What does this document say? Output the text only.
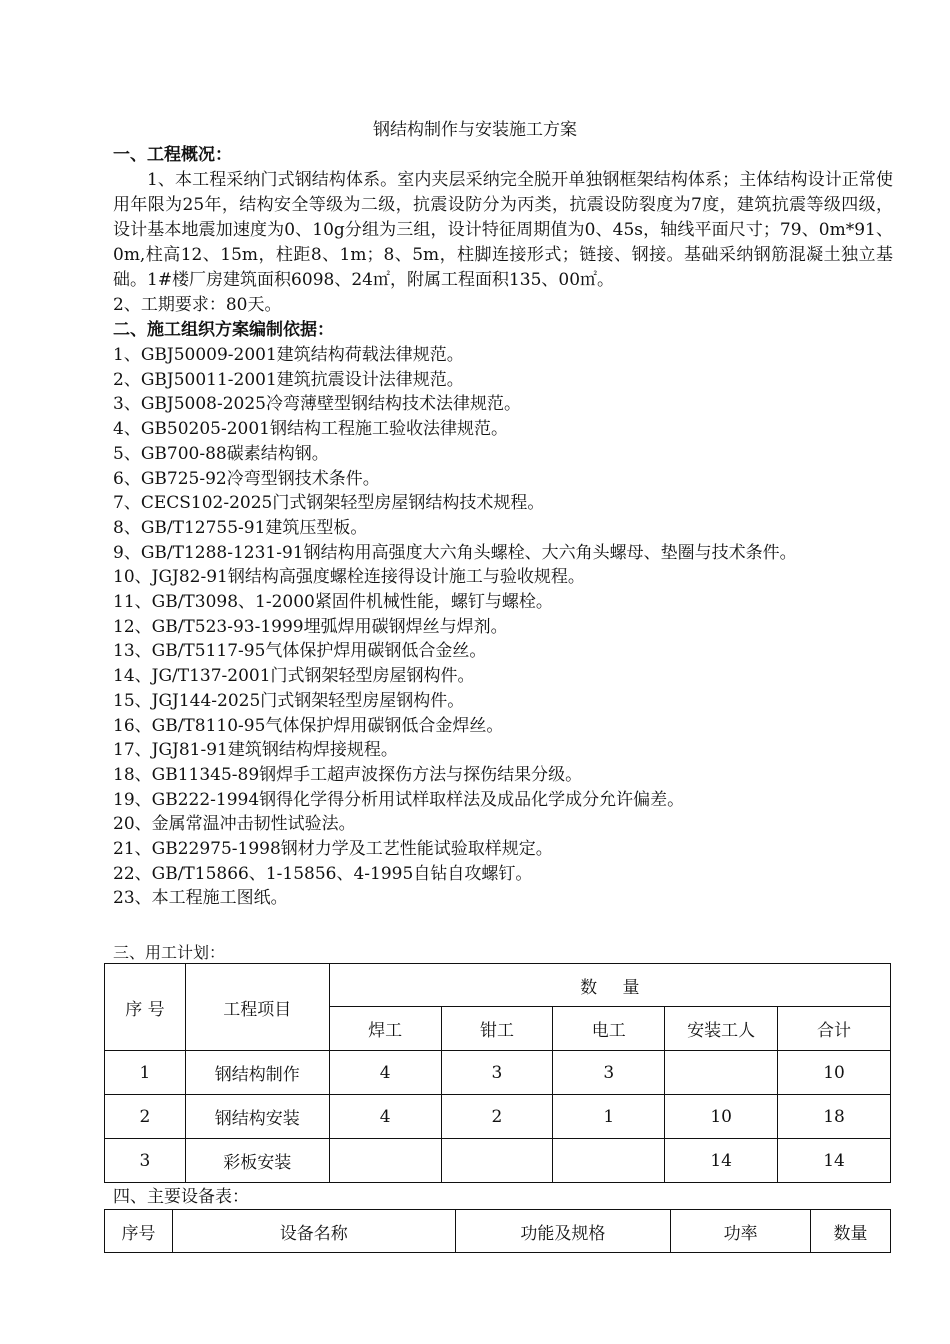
钢结构制作与安装施工方案
一、工程概况：
1、本工程采纳门式钢结构体系。室内夹层采纳完全脱开单独钢框架结构体系；主体结构设计正常使用年限为25年，结构安全等级为二级，抗震设防分为丙类，抗震设防裂度为7度，建筑抗震等级四级，设计基本地震加速度为0、10g分组为三组，设计特征周期值为0、45s，轴线平面尺寸；79、0m*91、0m,柱高12、15m，柱距8、1m；8、5m，柱脚连接形式；链接、钢接。基础采纳钢筋混凝土独立基础。1#楼厂房建筑面积6098、24㎡，附属工程面积135、00㎡。
2、工期要求：80天。
二、施工组织方案编制依据：
1、GBJ50009-2001建筑结构荷载法律规范。
2、GBJ50011-2001建筑抗震设计法律规范。
3、GBJ5008-2025冷弯薄壁型钢结构技术法律规范。
4、GB50205-2001钢结构工程施工验收法律规范。
5、GB700-88碳素结构钢。
6、GB725-92冷弯型钢技术条件。
7、CECS102-2025门式钢架轻型房屋钢结构技术规程。
8、GB/T12755-91建筑压型板。
9、GB/T1288-1231-91钢结构用高强度大六角头螺栓、大六角头螺母、垫圈与技术条件。
10、JGJ82-91钢结构高强度螺栓连接得设计施工与验收规程。
11、GB/T3098、1-2000紧固件机械性能，螺钉与螺栓。
12、GB/T523-93-1999埋弧焊用碳钢焊丝与焊剂。
13、GB/T5117-95气体保护焊用碳钢低合金丝。
14、JG/T137-2001门式钢架轻型房屋钢构件。
15、JGJ144-2025门式钢架轻型房屋钢构件。
16、GB/T8110-95气体保护焊用碳钢低合金焊丝。
17、JGJ81-91建筑钢结构焊接规程。
18、GB11345-89钢焊手工超声波探伤方法与探伤结果分级。
19、GB222-1994钢得化学得分析用试样取样法及成品化学成分允许偏差。
20、金属常温冲击韧性试验法。
21、GB22975-1998钢材力学及工艺性能试验取样规定。
22、GB/T15866、1-15856、4-1995自钻自攻螺钉。
23、本工程施工图纸。
三、用工计划：
序 号	工程项目	数 量				
		焊工	钳工	电工	安装工人	合计
1	钢结构制作	4	3	3		10
2	钢结构安装	4	2	1	10	18
3	彩板安装				14	14
四、主要设备表：
序号	设备名称	功能及规格	功率	数量
